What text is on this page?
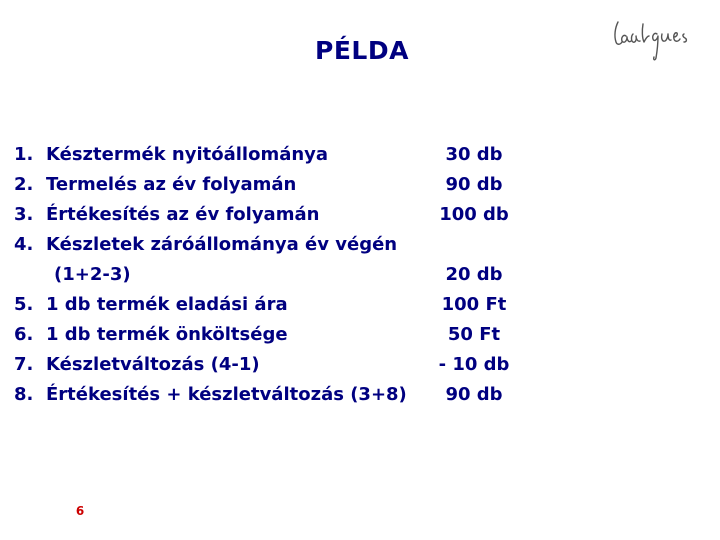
PÉLDA
1. Késztermék nyitóállománya	30 db
2. Termelés az év folyamán	90 db
3. Értékesítés az év folyamán	100 db
4. Készletek záróállománya év végén
(1+2-3)	20 db
5. 1 db termék eladási ára	100 Ft
6. 1 db termék önköltsége	50 Ft
7. Készletváltozás (4-1)	- 10 db
8. Értékesítés + készletváltozás (3+8)	90 db
6
